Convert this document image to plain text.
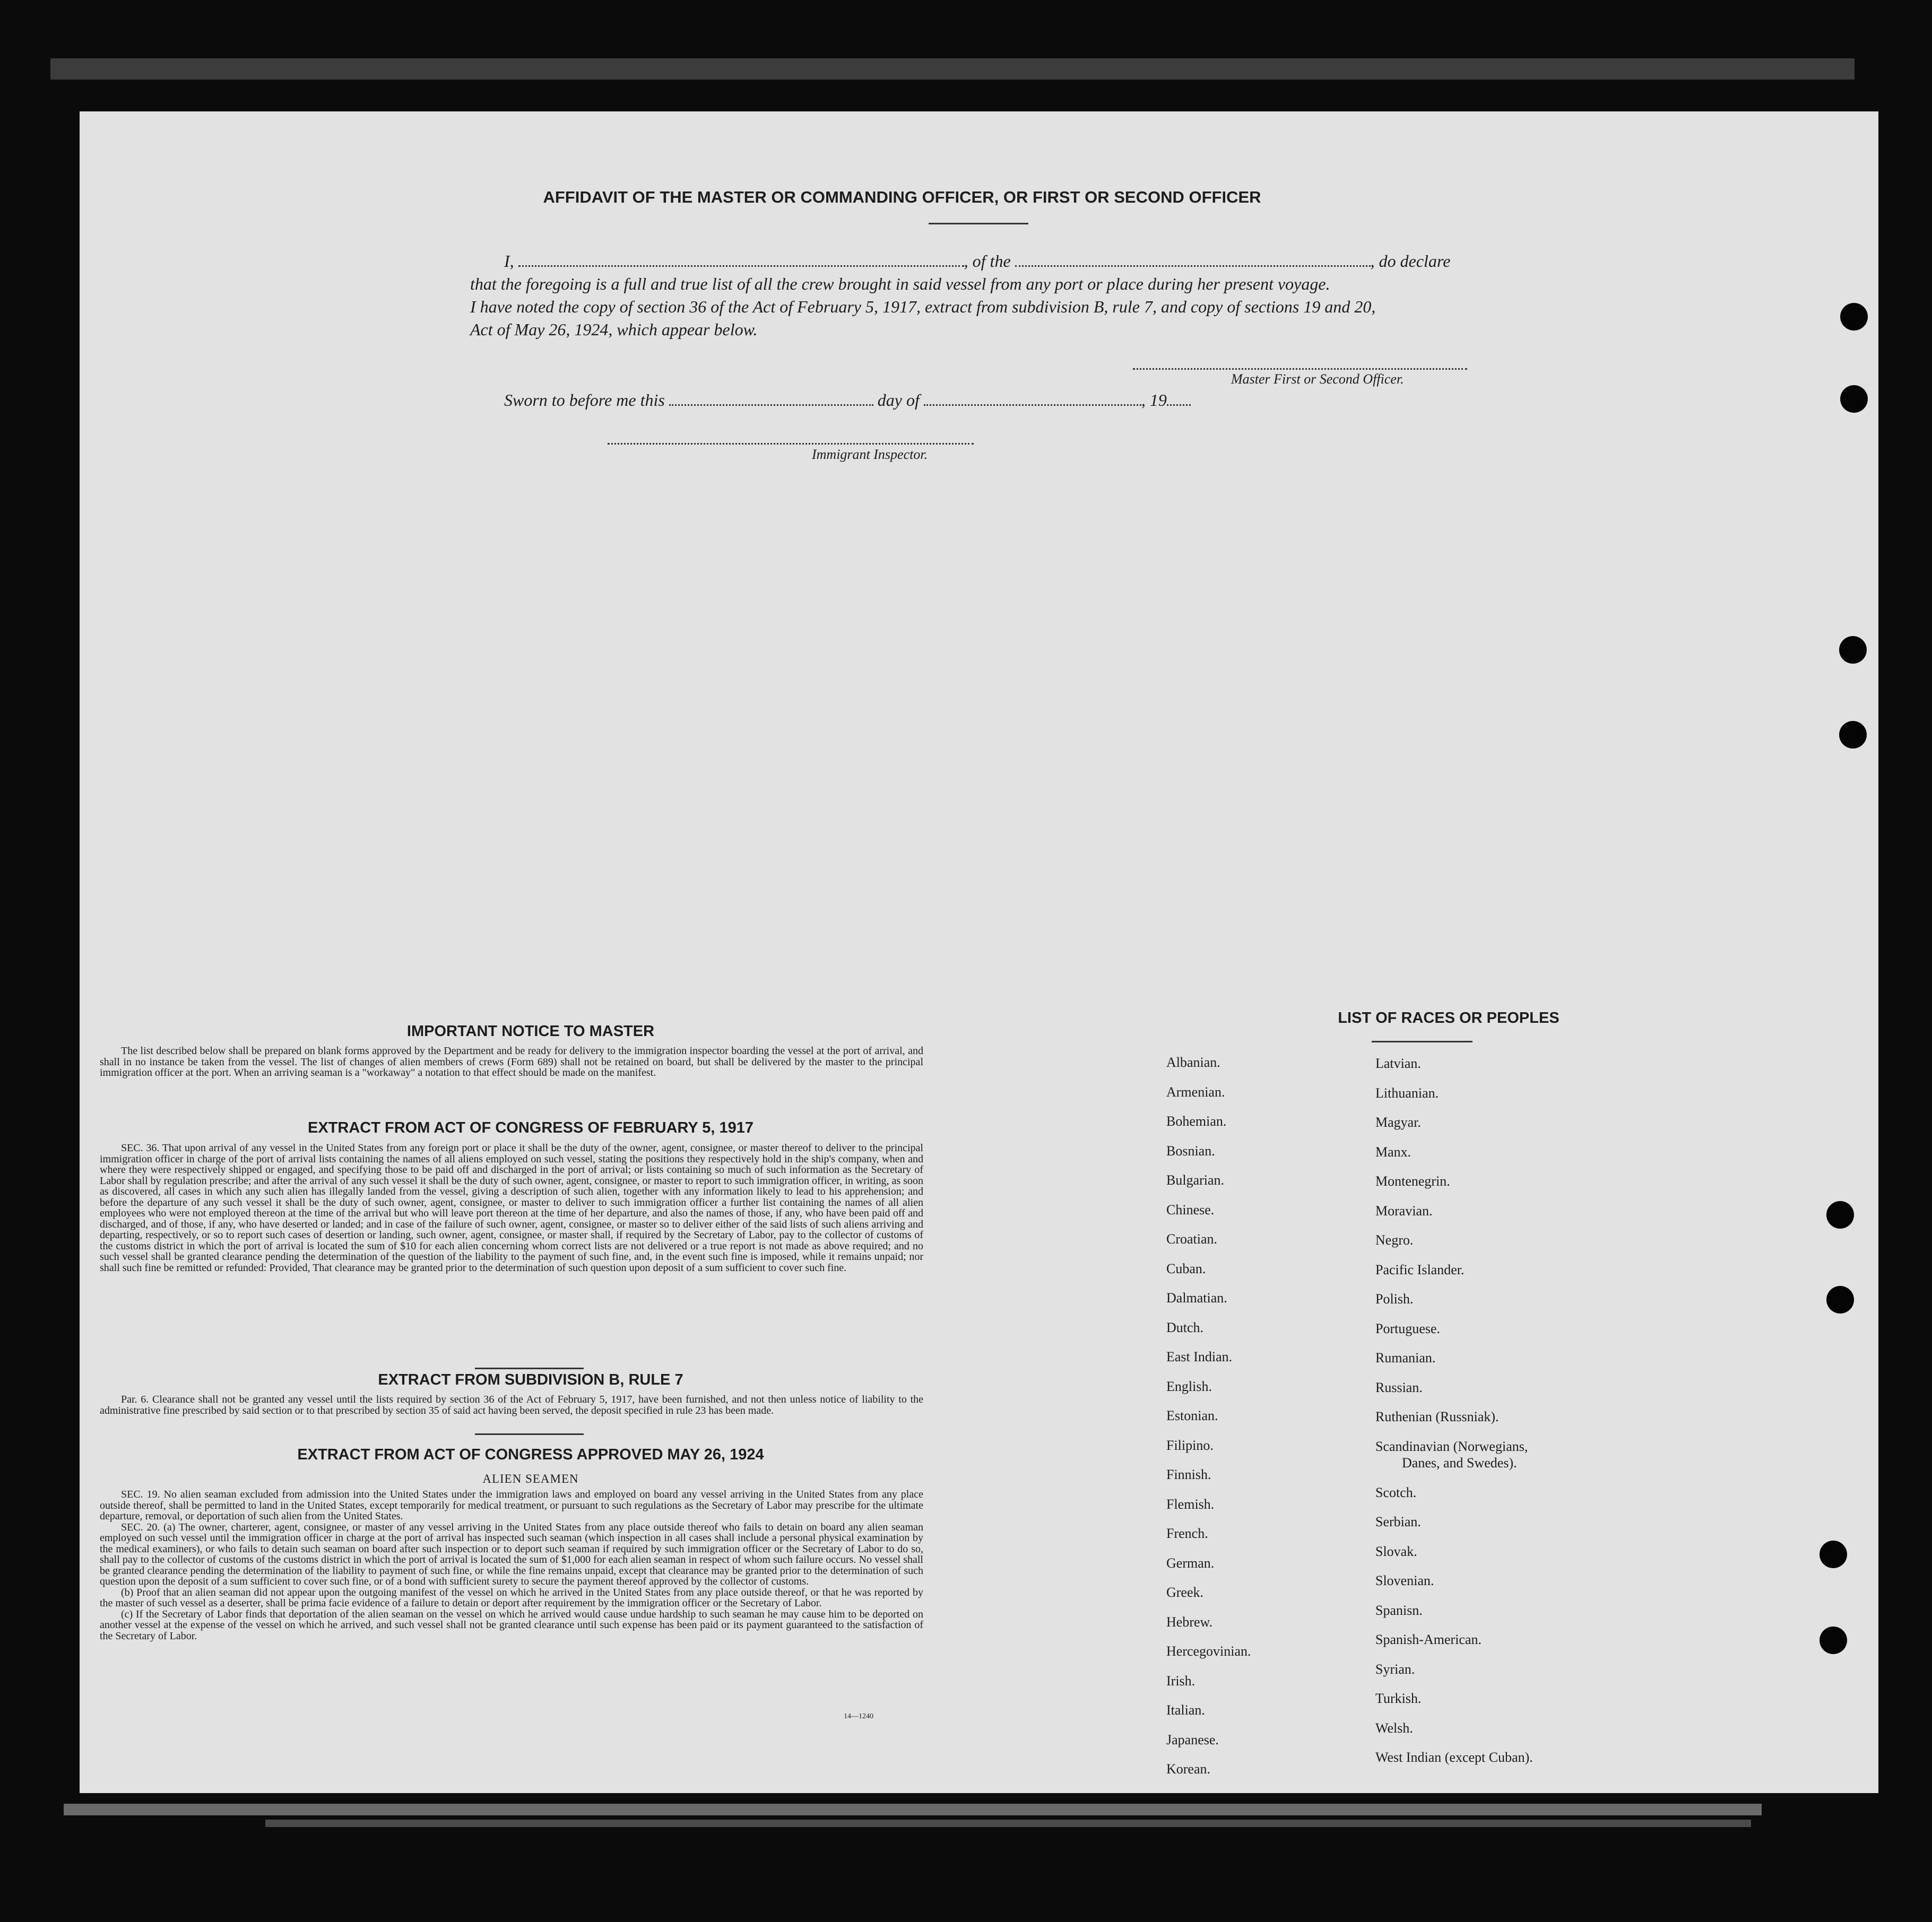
AFFIDAVIT OF THE MASTER OR COMMANDING OFFICER, OR FIRST OR SECOND OFFICER
I,	, of the	, do declare
that the foregoing is a full and true list of all the crew brought in said vessel from any port or place during her present voyage.
I have noted the copy of section 36 of the Act of February 5, 1917, extract from subdivision B, rule 7, and copy of sections 19 and 20,
Act of May 26, 1924, which appear below.
Master First or Second Officer.
Sworn to before me this	day of	, 19
Immigrant Inspector.
IMPORTANT NOTICE TO MASTER

The list described below shall be prepared on blank forms approved by the Department and be ready for delivery to the immigration inspector boarding the vessel at the port of arrival, and shall in no instance be taken from the vessel. The list of changes of alien members of crews (Form 689) shall not be retained on board, but shall be delivered by the master to the principal immigration officer at the port. When an arriving seaman is a "workaway" a notation to that effect should be made on the manifest.

EXTRACT FROM ACT OF CONGRESS OF FEBRUARY 5, 1917

SEC. 36. That upon arrival of any vessel in the United States from any foreign port or place it shall be the duty of the owner, agent, consignee, or master thereof to deliver to the principal immigration officer in charge of the port of arrival lists containing the names of all aliens employed on such vessel, stating the positions they respectively hold in the ship's company, when and where they were respectively shipped or engaged, and specifying those to be paid off and discharged in the port of arrival; or lists containing so much of such information as the Secretary of Labor shall by regulation prescribe; and after the arrival of any such vessel it shall be the duty of such owner, agent, consignee, or master to report to such immigration officer, in writing, as soon as discovered, all cases in which any such alien has illegally landed from the vessel, giving a description of such alien, together with any information likely to lead to his apprehension; and before the departure of any such vessel it shall be the duty of such owner, agent, consignee, or master to deliver to such immigration officer a further list containing the names of all alien employees who were not employed thereon at the time of the arrival but who will leave port thereon at the time of her departure, and also the names of those, if any, who have been paid off and discharged, and of those, if any, who have deserted or landed; and in case of the failure of such owner, agent, consignee, or master so to deliver either of the said lists of such aliens arriving and departing, respectively, or so to report such cases of desertion or landing, such owner, agent, consignee, or master shall, if required by the Secretary of Labor, pay to the collector of customs of the customs district in which the port of arrival is located the sum of $10 for each alien concerning whom correct lists are not delivered or a true report is not made as above required; and no such vessel shall be granted clearance pending the determination of the question of the liability to the payment of such fine, and, in the event such fine is imposed, while it remains unpaid; nor shall such fine be remitted or refunded: Provided, That clearance may be granted prior to the determination of such question upon deposit of a sum sufficient to cover such fine.

EXTRACT FROM SUBDIVISION B, RULE 7

Par. 6. Clearance shall not be granted any vessel until the lists required by section 36 of the Act of February 5, 1917, have been furnished, and not then unless notice of liability to the administrative fine prescribed by said section or to that prescribed by section 35 of said act having been served, the deposit specified in rule 23 has been made.

EXTRACT FROM ACT OF CONGRESS APPROVED MAY 26, 1924
ALIEN SEAMEN

SEC. 19. No alien seaman excluded from admission into the United States under the immigration laws and employed on board any vessel arriving in the United States from any place outside thereof, shall be permitted to land in the United States, except temporarily for medical treatment, or pursuant to such regulations as the Secretary of Labor may prescribe for the ultimate departure, removal, or deportation of such alien from the United States.

SEC. 20. (a) The owner, charterer, agent, consignee, or master of any vessel arriving in the United States from any place outside thereof who fails to detain on board any alien seaman employed on such vessel until the immigration officer in charge at the port of arrival has inspected such seaman (which inspection in all cases shall include a personal physical examination by the medical examiners), or who fails to detain such seaman on board after such inspection or to deport such seaman if required by such immigration officer or the Secretary of Labor to do so, shall pay to the collector of customs of the customs district in which the port of arrival is located the sum of $1,000 for each alien seaman in respect of whom such failure occurs. No vessel shall be granted clearance pending the determination of the liability to payment of such fine, or while the fine remains unpaid, except that clearance may be granted prior to the determination of such question upon the deposit of a sum sufficient to cover such fine, or of a bond with sufficient surety to secure the payment thereof approved by the collector of customs.

(b) Proof that an alien seaman did not appear upon the outgoing manifest of the vessel on which he arrived in the United States from any place outside thereof, or that he was reported by the master of such vessel as a deserter, shall be prima facie evidence of a failure to detain or deport after requirement by the immigration officer or the Secretary of Labor.

(c) If the Secretary of Labor finds that deportation of the alien seaman on the vessel on which he arrived would cause undue hardship to such seaman he may cause him to be deported on another vessel at the expense of the vessel on which he arrived, and such vessel shall not be granted clearance until such expense has been paid or its payment guaranteed to the satisfaction of the Secretary of Labor.

14—1240
LIST OF RACES OR PEOPLES
Albanian.
Armenian.
Bohemian.
Bosnian.
Bulgarian.
Chinese.
Croatian.
Cuban.
Dalmatian.
Dutch.
East Indian.
English.
Estonian.
Filipino.
Finnish.
Flemish.
French.
German.
Greek.
Hebrew.
Hercegovinian.
Irish.
Italian.
Japanese.
Korean.
Latvian.
Lithuanian.
Magyar.
Manx.
Montenegrin.
Moravian.
Negro.
Pacific Islander.
Polish.
Portuguese.
Rumanian.
Russian.
Ruthenian (Russniak).
Scandinavian (Norwegians,
Danes, and Swedes).
Scotch.
Serbian.
Slovak.
Slovenian.
Spanisn.
Spanish-American.
Syrian.
Turkish.
Welsh.
West Indian (except Cuban).
